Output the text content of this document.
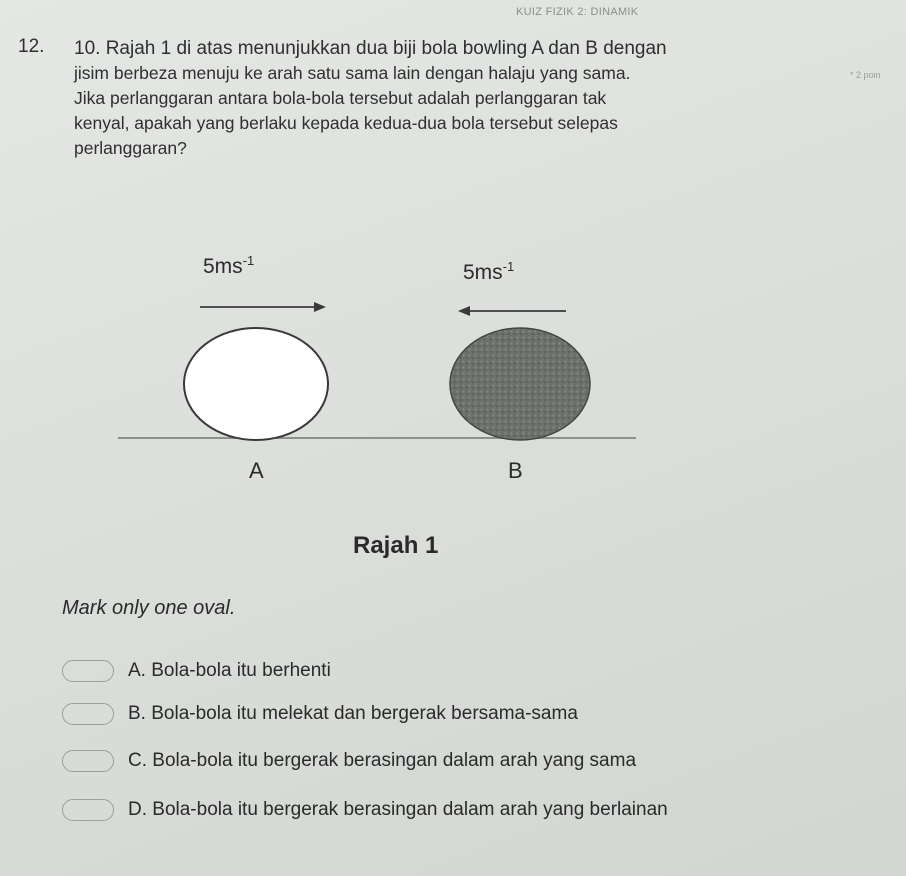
KUIZ FIZIK 2: DINAMIK
* 2 poin
12. 10. Rajah 1 di atas menunjukkan dua biji bola bowling A dan B dengan
jisim berbeza menuju ke arah satu sama lain dengan halaju yang sama.
Jika perlanggaran antara bola-bola tersebut adalah perlanggaran tak
kenyal, apakah yang berlaku kepada kedua-dua bola tersebut selepas
perlanggaran?
$5ms^{-1}$
$5ms^{-1}$
A	B
Rajah 1
Mark only one oval.
A. Bola-bola itu berhenti
B. Bola-bola itu melekat dan bergerak bersama-sama
C. Bola-bola itu bergerak berasingan dalam arah yang sama
D. Bola-bola itu bergerak berasingan dalam arah yang berlainan
